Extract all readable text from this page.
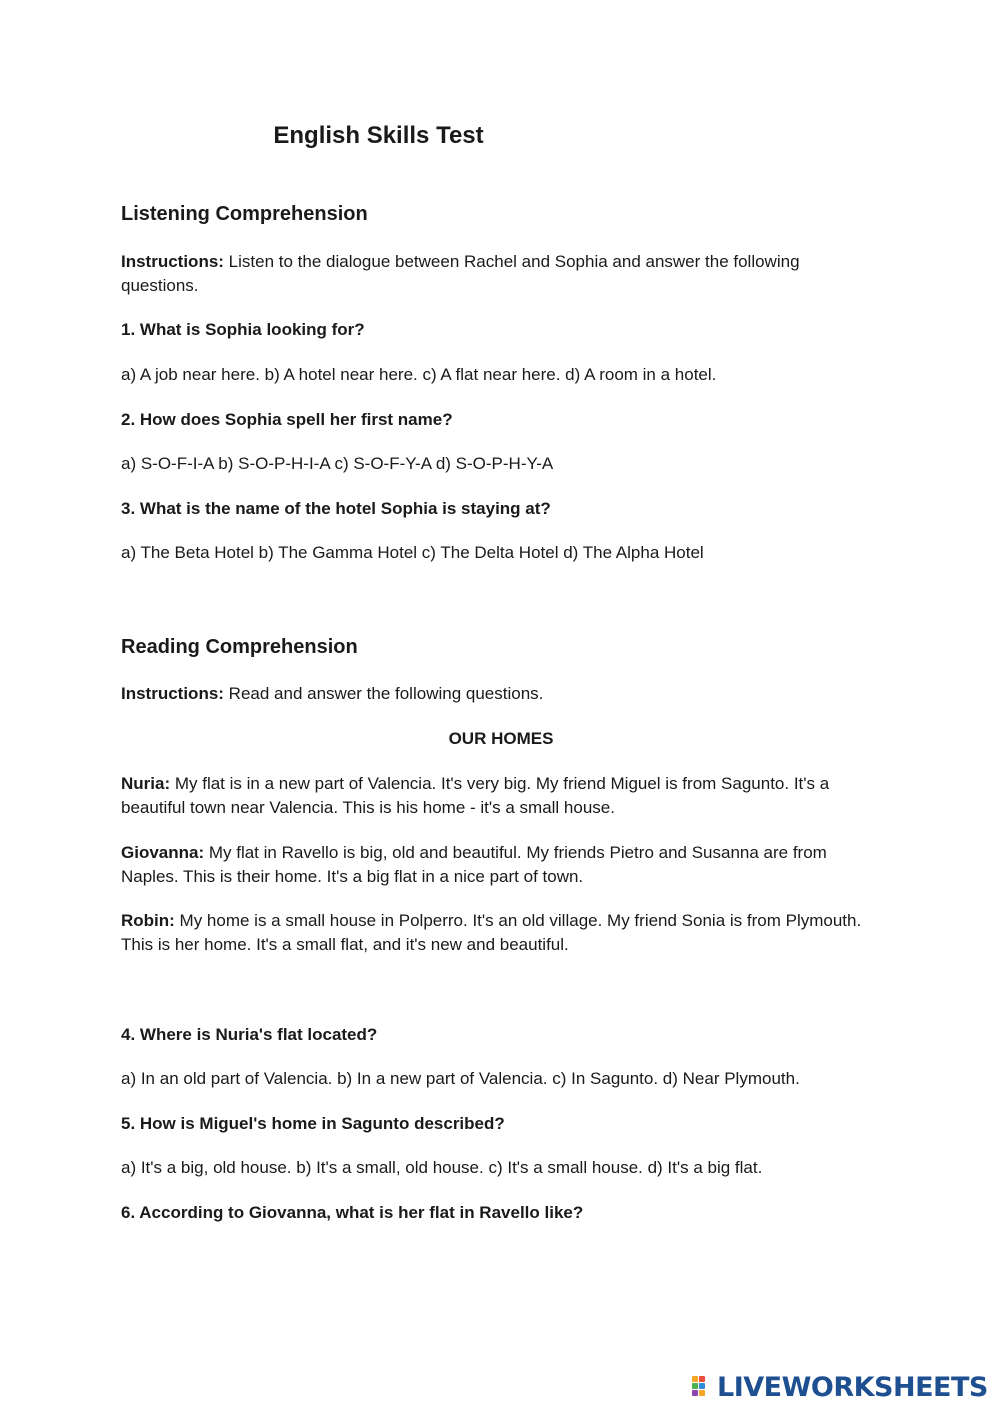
English Skills Test
Listening Comprehension
Instructions: Listen to the dialogue between Rachel and Sophia and answer the following questions.
1. What is Sophia looking for?
a) A job near here. b) A hotel near here. c) A flat near here. d) A room in a hotel.
2. How does Sophia spell her first name?
a) S-O-F-I-A b) S-O-P-H-I-A c) S-O-F-Y-A d) S-O-P-H-Y-A
3. What is the name of the hotel Sophia is staying at?
a) The Beta Hotel b) The Gamma Hotel c) The Delta Hotel d) The Alpha Hotel
Reading Comprehension
Instructions: Read and answer the following questions.
OUR HOMES
Nuria: My flat is in a new part of Valencia. It's very big. My friend Miguel is from Sagunto. It's a beautiful town near Valencia. This is his home - it's a small house.
Giovanna: My flat in Ravello is big, old and beautiful. My friends Pietro and Susanna are from Naples. This is their home. It's a big flat in a nice part of town.
Robin: My home is a small house in Polperro. It's an old village. My friend Sonia is from Plymouth. This is her home. It's a small flat, and it's new and beautiful.
4. Where is Nuria's flat located?
a) In an old part of Valencia. b) In a new part of Valencia. c) In Sagunto. d) Near Plymouth.
5. How is Miguel's home in Sagunto described?
a) It's a big, old house. b) It's a small, old house. c) It's a small house. d) It's a big flat.
6. According to Giovanna, what is her flat in Ravello like?
LIVEWORKSHEETS
